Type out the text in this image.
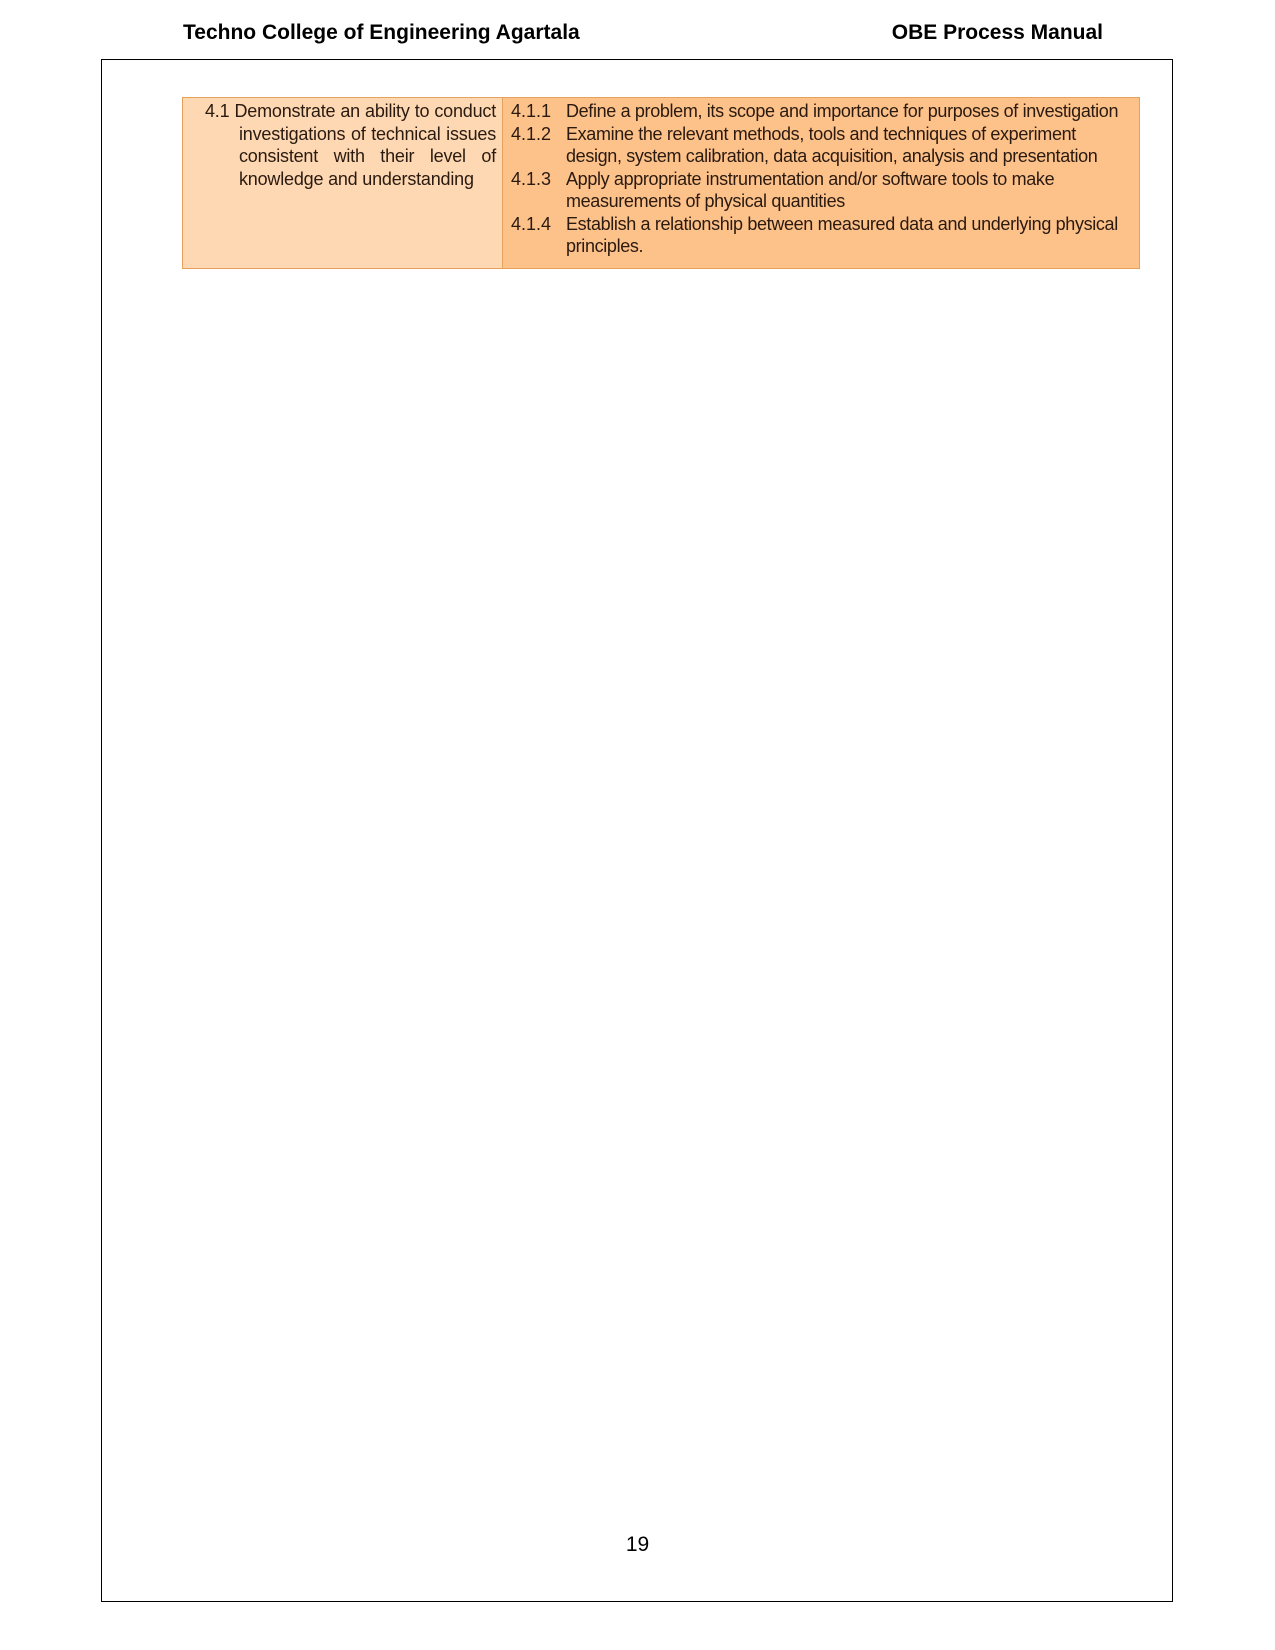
Techno College of Engineering Agartala	OBE Process Manual
4.1 Demonstrate an ability to conduct investigations of technical issues consistent with their level of knowledge and understanding
4.1.1 Define a problem, its scope and importance for purposes of investigation
4.1.2 Examine the relevant methods, tools and techniques of experiment design, system calibration, data acquisition, analysis and presentation
4.1.3 Apply appropriate instrumentation and/or software tools to make measurements of physical quantities
4.1.4 Establish a relationship between measured data and underlying physical principles.
19
